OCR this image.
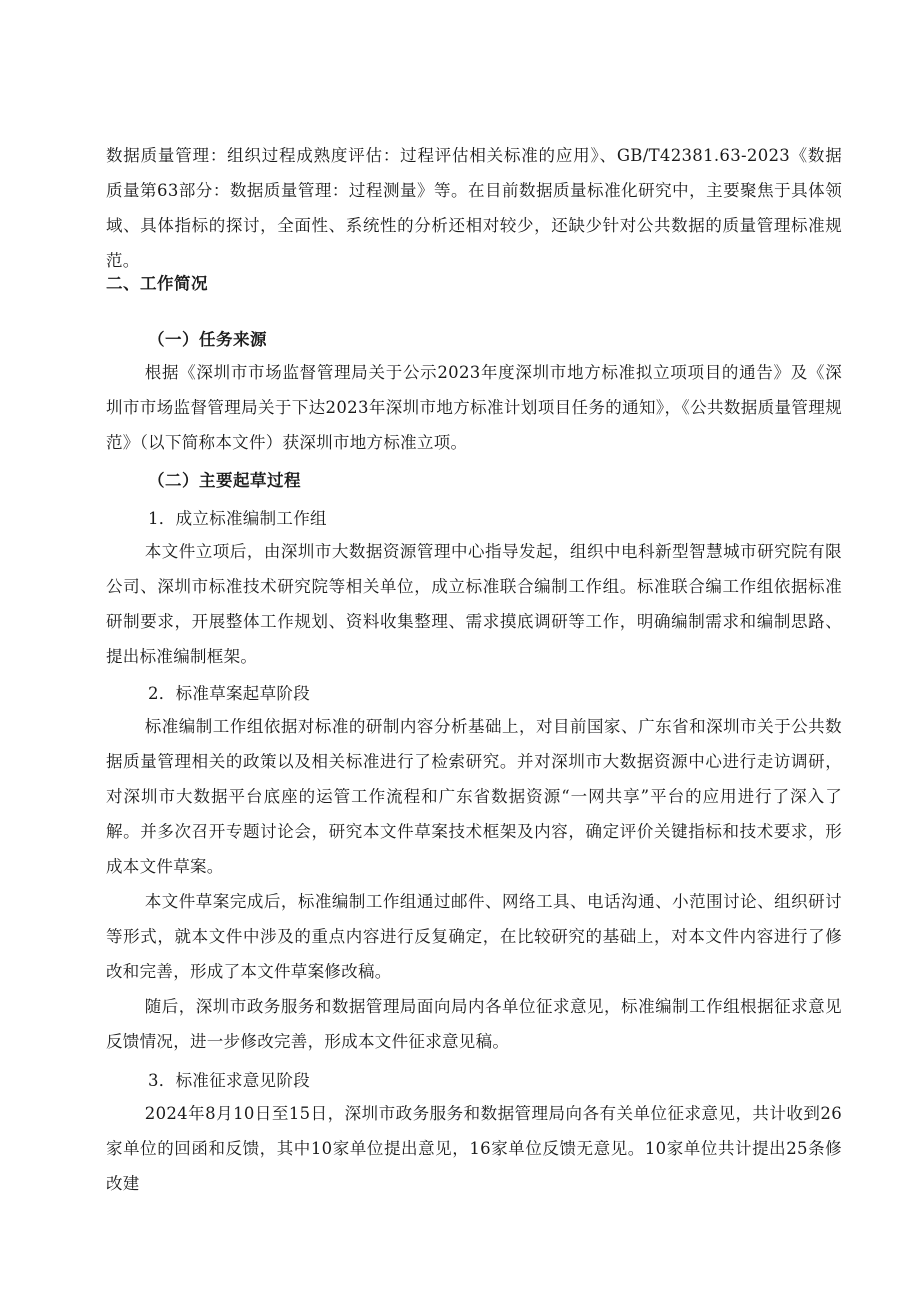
数据质量管理：组织过程成熟度评估：过程评估相关标准的应用》、GB/T42381.63-2023《数据质量第63部分：数据质量管理：过程测量》等。在目前数据质量标准化研究中，主要聚焦于具体领域、具体指标的探讨，全面性、系统性的分析还相对较少，还缺少针对公共数据的质量管理标准规范。

二、工作简况
（一）任务来源

根据《深圳市市场监督管理局关于公示2023年度深圳市地方标准拟立项项目的通告》及《深圳市市场监督管理局关于下达2023年深圳市地方标准计划项目任务的通知》，《公共数据质量管理规范》（以下简称本文件）获深圳市地方标准立项。

（二）主要起草过程
1．成立标准编制工作组

本文件立项后，由深圳市大数据资源管理中心指导发起，组织中电科新型智慧城市研究院有限公司、深圳市标准技术研究院等相关单位，成立标准联合编制工作组。标准联合编工作组依据标准研制要求，开展整体工作规划、资料收集整理、需求摸底调研等工作，明确编制需求和编制思路、提出标准编制框架。

2．标准草案起草阶段

标准编制工作组依据对标准的研制内容分析基础上，对目前国家、广东省和深圳市关于公共数据质量管理相关的政策以及相关标准进行了检索研究。并对深圳市大数据资源中心进行走访调研，对深圳市大数据平台底座的运管工作流程和广东省数据资源“一网共享”平台的应用进行了深入了解。并多次召开专题讨论会，研究本文件草案技术框架及内容，确定评价关键指标和技术要求，形成本文件草案。

本文件草案完成后，标准编制工作组通过邮件、网络工具、电话沟通、小范围讨论、组织研讨等形式，就本文件中涉及的重点内容进行反复确定，在比较研究的基础上，对本文件内容进行了修改和完善，形成了本文件草案修改稿。

随后，深圳市政务服务和数据管理局面向局内各单位征求意见，标准编制工作组根据征求意见反馈情况，进一步修改完善，形成本文件征求意见稿。

3．标准征求意见阶段

2024年8月10日至15日，深圳市政务服务和数据管理局向各有关单位征求意见，共计收到26家单位的回函和反馈，其中10家单位提出意见，16家单位反馈无意见。10家单位共计提出25条修改建
